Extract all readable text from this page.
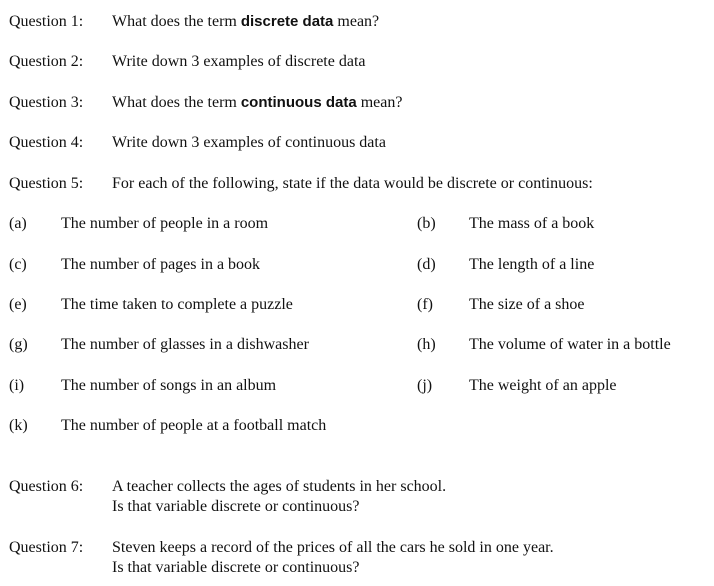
Question 1: What does the term discrete data mean?
Question 2: Write down 3 examples of discrete data
Question 3: What does the term continuous data mean?
Question 4: Write down 3 examples of continuous data
Question 5: For each of the following, state if the data would be discrete or continuous:
(a) The number of people in a room	(b) The mass of a book
(c) The number of pages in a book	(d) The length of a line
(e) The time taken to complete a puzzle	(f) The size of a shoe
(g) The number of glasses in a dishwasher	(h) The volume of water in a bottle
(i) The number of songs in an album	(j) The weight of an apple
(k) The number of people at a football match
Question 6: A teacher collects the ages of students in her school.
Is that variable discrete or continuous?
Question 7: Steven keeps a record of the prices of all the cars he sold in one year.
Is that variable discrete or continuous?
